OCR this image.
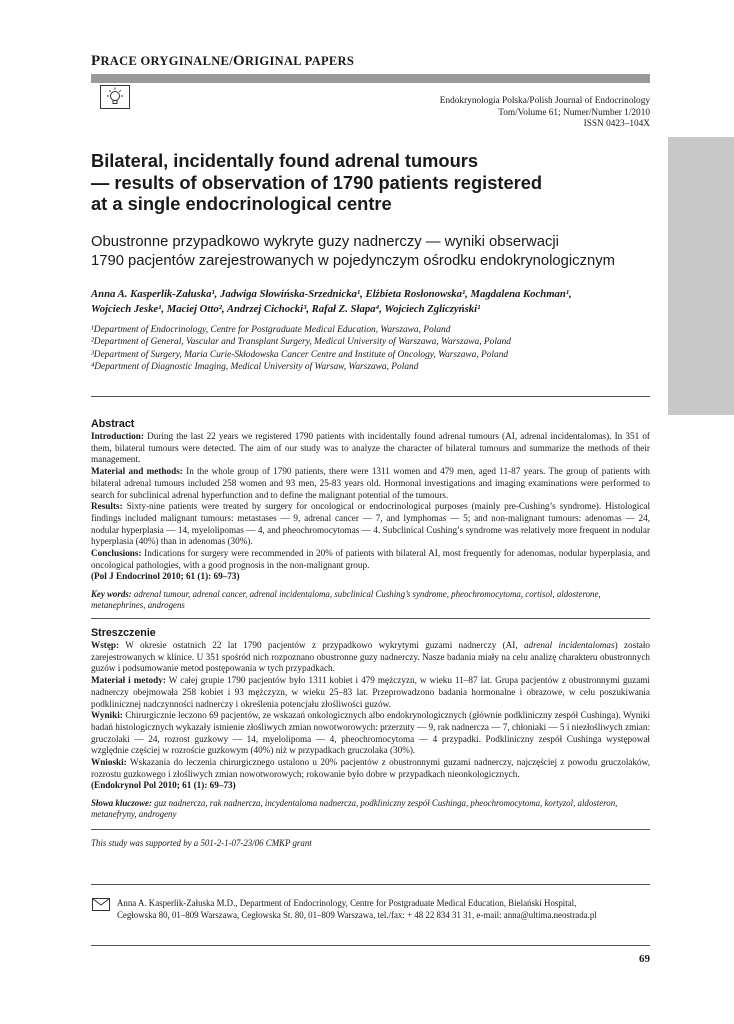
PRACE ORYGINALNE/ORIGINAL PAPERS
Endokrynologia Polska/Polish Journal of Endocrinology
Tom/Volume 61; Numer/Number 1/2010
ISSN 0423–104X
Bilateral, incidentally found adrenal tumours
— results of observation of 1790 patients registered
at a single endocrinological centre
Obustronne przypadkowo wykryte guzy nadnerczy — wyniki obserwacji
1790 pacjentów zarejestrowanych w pojedynczym ośrodku endokrynologicznym
Anna A. Kasperlik-Załuska¹, Jadwiga Słowińska-Srzednicka¹, Elżbieta Rosłonowska¹, Magdalena Kochman¹,
Wojciech Jeske¹, Maciej Otto², Andrzej Cichocki³, Rafał Z. Słapa⁴, Wojciech Zgliczyński¹
¹Department of Endocrinology, Centre for Postgraduate Medical Education, Warszawa, Poland
²Department of General, Vascular and Transplant Surgery, Medical University of Warszawa, Warszawa, Poland
³Department of Surgery, Maria Curie-Skłodowska Cancer Centre and Institute of Oncology, Warszawa, Poland
⁴Department of Diagnostic Imaging, Medical University of Warsaw, Warszawa, Poland
Abstract

Introduction: During the last 22 years we registered 1790 patients with incidentally found adrenal tumours (AI, adrenal incidentalomas). In 351 of them, bilateral tumours were detected. The aim of our study was to analyze the character of bilateral tumours and summarize the methods of their management.

Material and methods: In the whole group of 1790 patients, there were 1311 women and 479 men, aged 11-87 years. The group of patients with bilateral adrenal tumours included 258 women and 93 men, 25-83 years old. Hormonal investigations and imaging examinations were performed to search for subclinical adrenal hyperfunction and to define the malignant potential of the tumours.

Results: Sixty-nine patients were treated by surgery for oncological or endocrinological purposes (mainly pre-Cushing’s syndrome). Histological findings included malignant tumours: metastases — 9, adrenal cancer — 7, and lymphomas — 5; and non-malignant tumours: adenomas — 24, nodular hyperplasia — 14, myelolipomas — 4, and pheochromocytomas — 4. Subclinical Cushing’s syndrome was relatively more frequent in nodular hyperplasia (40%) than in adenomas (30%).

Conclusions: Indications for surgery were recommended in 20% of patients with bilateral AI, most frequently for adenomas, nodular hyperplasia, and oncological pathologies, with a good prognosis in the non-malignant group.

(Pol J Endocrinol 2010; 61 (1): 69–73)

Key words: adrenal tumour, adrenal cancer, adrenal incidentaloma, subclinical Cushing’s syndrome, pheochromocytoma, cortisol, aldosterone, metanephrines, androgens
Streszczenie

Wstęp: W okresie ostatnich 22 lat 1790 pacjentów z przypadkowo wykrytymi guzami nadnerczy (AI, adrenal incidentalomas) zostało zarejestrowanych w klinice. U 351 spośród nich rozpoznano obustronne guzy nadnerczy. Nasze badania miały na celu analizę charakteru obustronnych guzów i podsumowanie metod postępowania w tych przypadkach.

Materiał i metody: W całej grupie 1790 pacjentów było 1311 kobiet i 479 mężczyzn, w wieku 11–87 lat. Grupa pacjentów z obustronnymi guzami nadnerczy obejmowała 258 kobiet i 93 mężczyzn, w wieku 25–83 lat. Przeprowadzono badania hormonalne i obrazowe, w celu poszukiwania podklinicznej nadczynności nadnerczy i określenia potencjału złośliwości guzów.

Wyniki: Chirurgicznie leczono 69 pacjentów, ze wskazań onkologicznych albo endokrynologicznych (głównie podkliniczny zespół Cushinga). Wyniki badań histologicznych wykazały istnienie złośliwych zmian nowotworowych: przerzuty — 9, rak nadnercza — 7, chłoniaki — 5 i niezłośliwych zmian: gruczolaki — 24, rozrost guzkowy — 14, myelolipoma — 4, pheochromocytoma — 4 przypadki. Podkliniczny zespół Cushinga występował względnie częściej w rozroście guzkowym (40%) niż w przypadkach gruczolaka (30%).

Wnioski: Wskazania do leczenia chirurgicznego ustalono u 20% pacjentów z obustronnymi guzami nadnerczy, najczęściej z powodu gruczolaków, rozrostu guzkowego i złośliwych zmian nowotworowych; rokowanie było dobre w przypadkach nieonkologicznych.

(Endokrynol Pol 2010; 61 (1): 69–73)

Słowa kluczowe: guz nadnercza, rak nadnercza, incydentaloma nadnercza, podkliniczny zespół Cushinga, pheochromocytoma, kortyzol, aldosteron, metanefryny, androgeny
This study was supported by a 501-2-1-07-23/06 CMKP grant
Anna A. Kasperlik-Załuska M.D., Department of Endocrinology, Centre for Postgraduate Medical Education, Bielański Hospital,
Cegłowska 80, 01–809 Warszawa, Cegłowska St. 80, 01–809 Warszawa, tel./fax: + 48 22 834 31 31, e-mail: anna@ultima.neostrada.pl
69
